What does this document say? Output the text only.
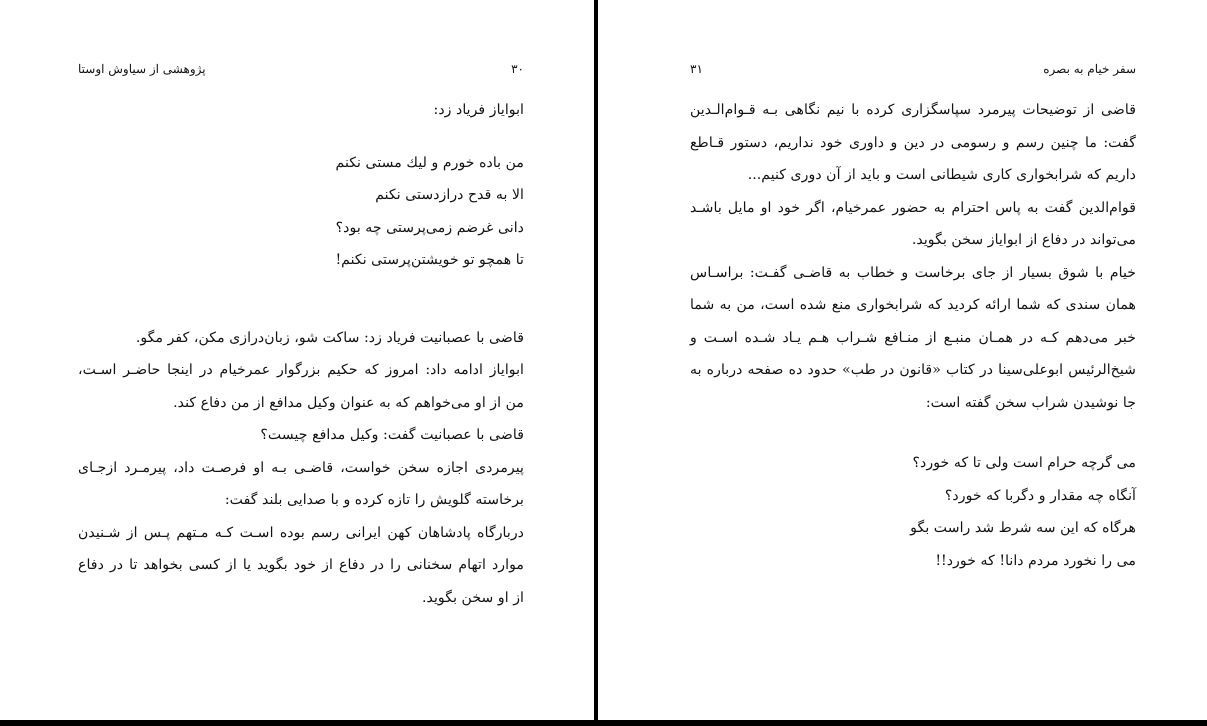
پژوهشی از سیاوش اوستا	۳۰
ابوایاز فریاد زد:
من باده خورم و لیك مستی نکنم
الا به قدح درازدستی نکنم
دانی غرضم زمی‌پرستی چه بود؟
تا همچو تو خویشتن‌پرستی نکنم!
قاضی با عصبانیت فریاد زد: ساکت شو، زبان‌درازی مکن، کفر مگو.
ابوایاز ادامه داد: امروز که حکیم بزرگوار عمرخیام در اینجا حاضـر اسـت،
من از او می‌خواهم که به عنوان وکیل مدافع از من دفاع کند.
قاضی با عصبانیت گفت: وکیل مدافع چیست؟
پیرمردی اجازه سخن خواست، قاضـی بـه او فرصـت داد، پیرمـرد ازجـای
برخاسته گلویش را تازه کرده و با صدایی بلند گفت:
دربارگاه پادشاهان کهن ایرانی رسم بوده اسـت کـه مـتهم پـس از شـنیدن
موارد اتهام سخنانی را در دفاع از خود بگوید یا از کسی بخواهد تا در دفاع
از او سخن بگوید.
سفر خیام به بصره
۳۱
قاضی از توضیحات پیرمرد سپاسگزاری کرده با نیم نگاهی بـه قـوام‌الـدین
گفت: ما چنین رسم و رسومی در دین و داوری خود نداریم، دستور قـاطع
داریم که شرابخواری کاری شیطانی است و باید از آن دوری کنیم...
قوام‌الدین گفت به پاس احترام به حضور عمرخیام، اگر خود او مایل باشـد
می‌تواند در دفاع از ابوایاز سخن بگوید.
خیام با شوق بسیار از جای برخاست و خطاب به قاضـی گفـت: براسـاس
همان سندی که شما ارائه کردید که شرابخواری منع شده است، من به شما
خبر می‌دهم کـه در همـان منبـع از منـافع شـراب هـم یـاد شـده اسـت و
شیخ‌الرئیس ابوعلی‌سینا در کتاب «قانون در طب» حدود ده صفحه درباره به
جا نوشیدن شراب سخن گفته است:
می گرچه حرام است ولی تا که خورد؟
آنگاه چه مقدار و دگربا که خورد؟
هرگاه که این سه شرط شد راست بگو
می را نخورد مردم دانا! که خورد!!
